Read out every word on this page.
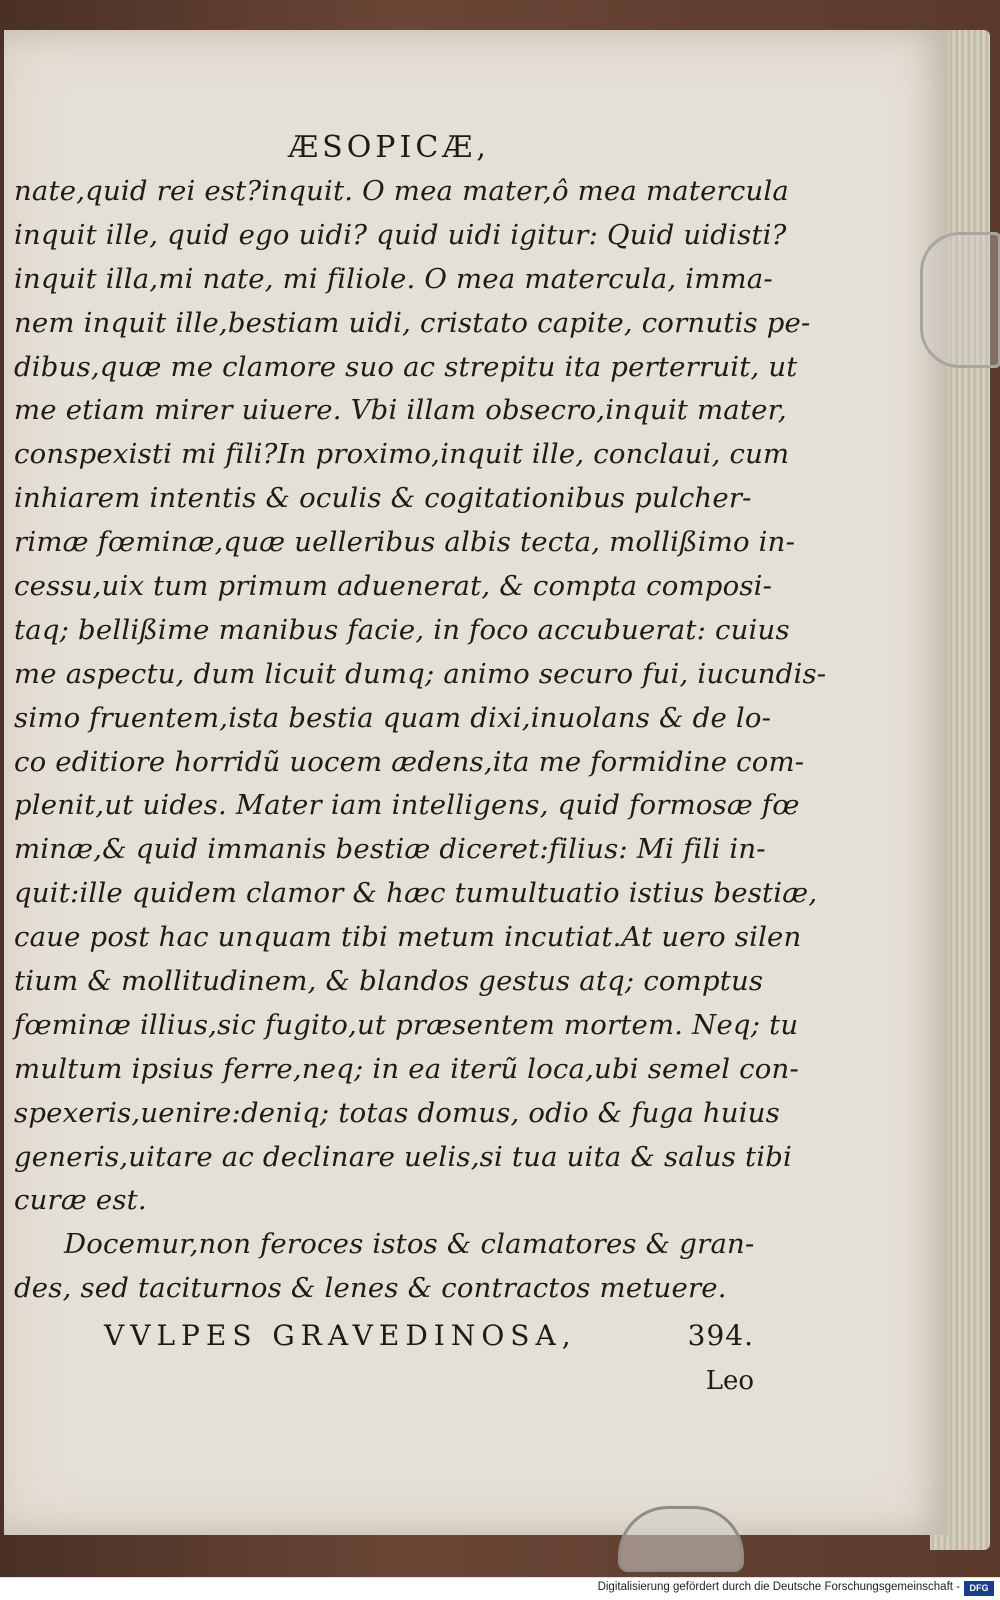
ÆSOPICÆ,
nate,quid rei est?inquit. O mea mater,ô mea matercula
inquit ille, quid ego uidi? quid uidi igitur: Quid uidisti?
inquit illa,mi nate, mi filiole. O mea matercula, imma-
nem inquit ille,bestiam uidi, cristato capite, cornutis pe-
dibus,quæ me clamore suo ac strepitu ita perterruit, ut
me etiam mirer uiuere. Vbi illam obsecro,inquit mater,
conspexisti mi fili?In proximo,inquit ille, conclaui, cum
inhiarem intentis & oculis & cogitationibus pulcher-
rimæ fœminæ,quæ uelleribus albis tecta, mollißimo in-
cessu,uix tum primum aduenerat, & compta composi-
taq; bellißime manibus facie, in foco accubuerat: cuius
me aspectu, dum licuit dumq; animo securo fui, iucundis-
simo fruentem,ista bestia quam dixi,inuolans & de lo-
co editiore horridũ uocem ædens,ita me formidine com-
plenit,ut uides. Mater iam intelligens, quid formosæ fœ
minæ,& quid immanis bestiæ diceret:filius: Mi fili in-
quit:ille quidem clamor & hæc tumultuatio istius bestiæ,
caue post hac unquam tibi metum incutiat.At uero silen
tium & mollitudinem, & blandos gestus atq; comptus
fœminæ illius,sic fugito,ut præsentem mortem. Neq; tu
multum ipsius ferre,neq; in ea iterũ loca,ubi semel con-
spexeris,uenire:deniq; totas domus, odio & fuga huius
generis,uitare ac declinare uelis,si tua uita & salus tibi
curæ est.
Docemur,non feroces istos & clamatores & gran-
des, sed taciturnos & lenes & contractos metuere.
VVLPES GRAVEDINOSA,	394.
Leo
Digitalisierung gefördert durch die Deutsche Forschungsgemeinschaft -	DFG
